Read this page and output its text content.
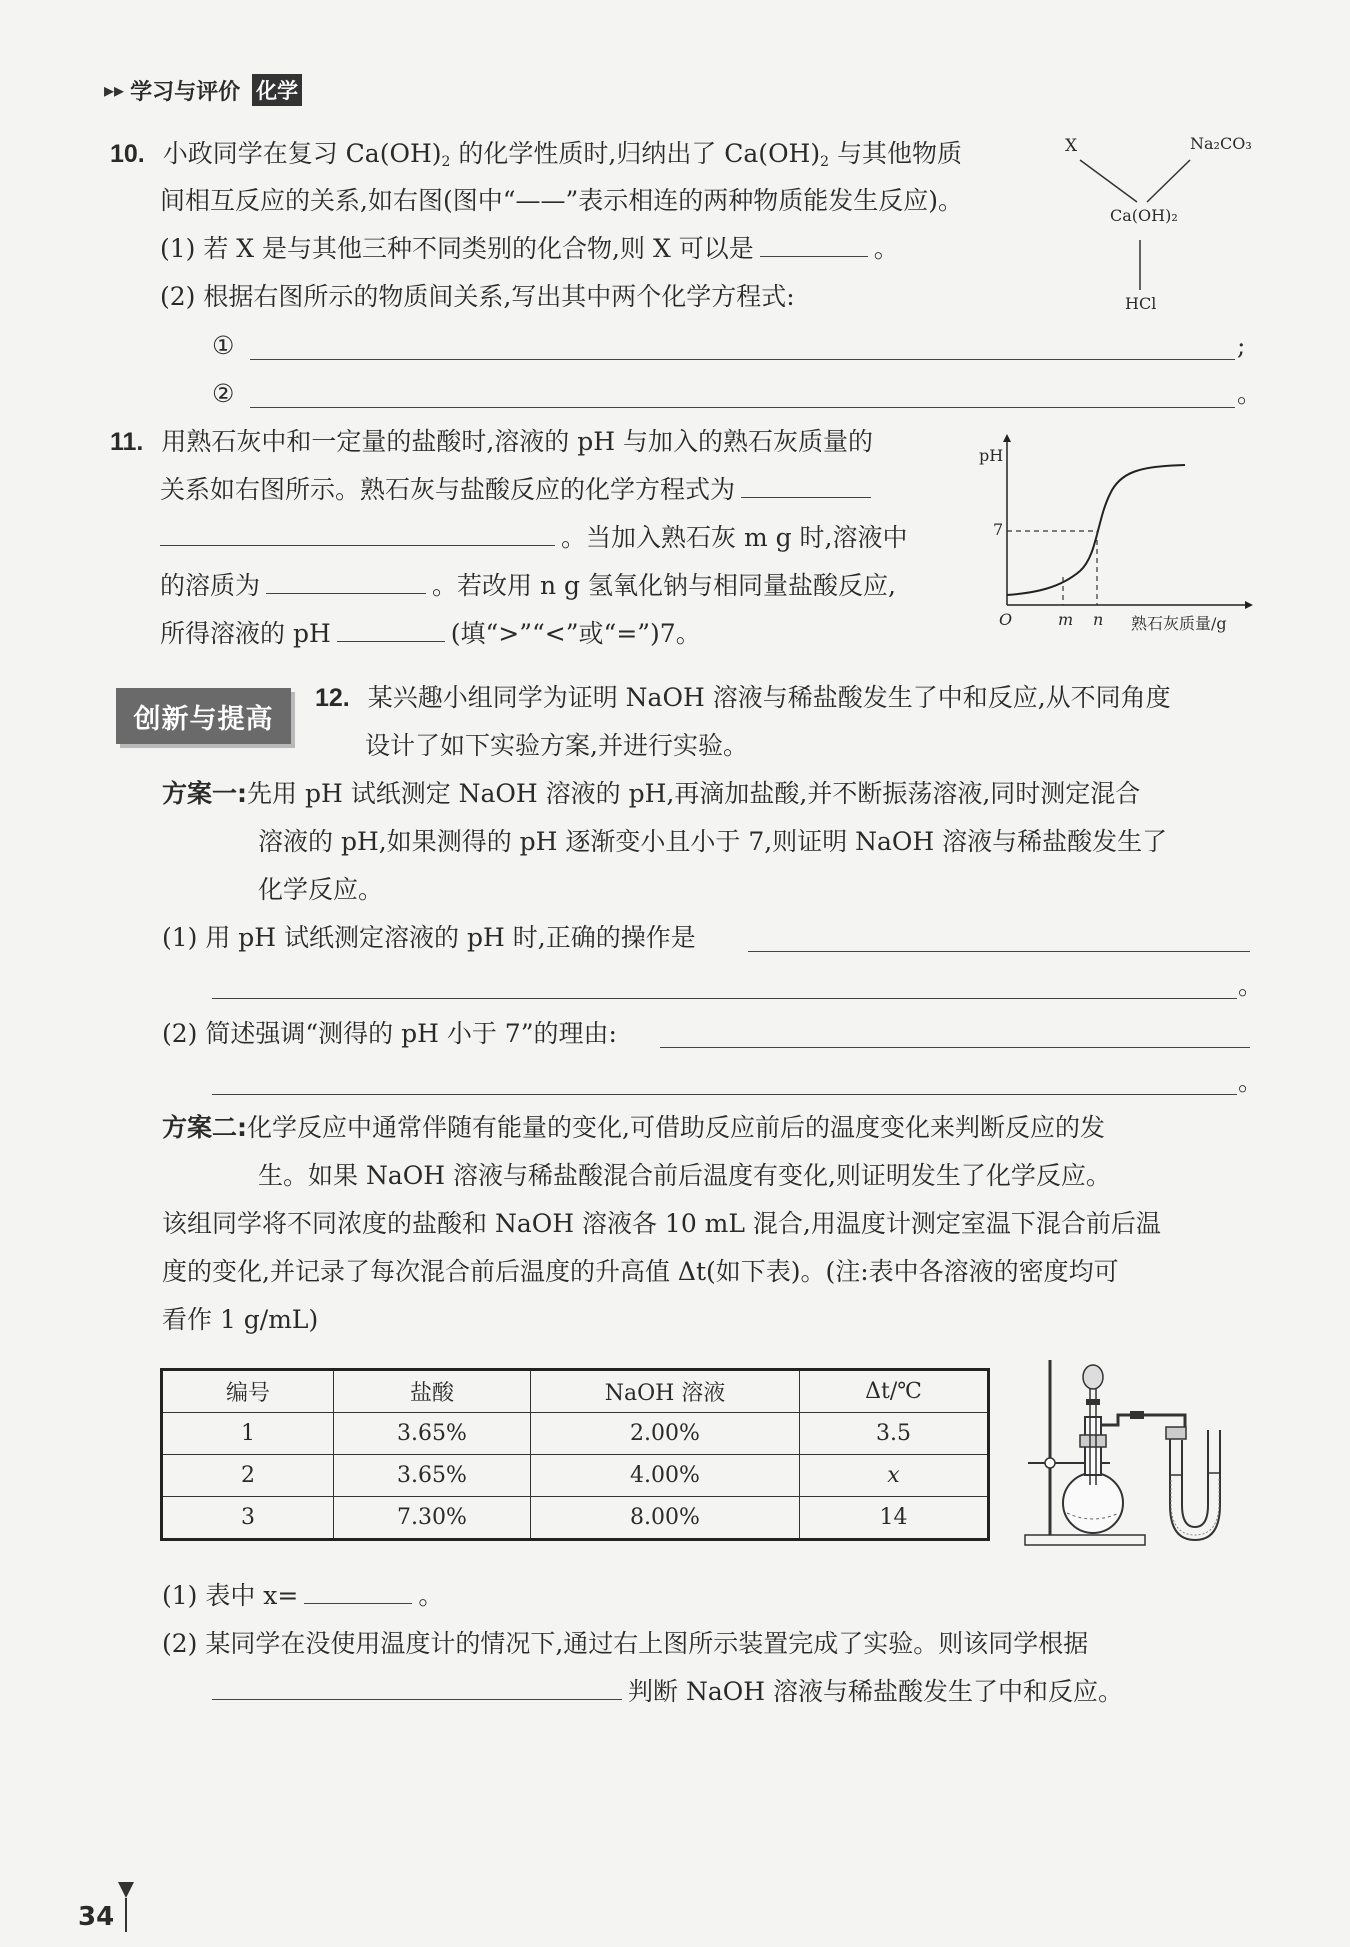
▸▸ 学习与评价 化学
10. 小政同学在复习 $Ca(OH)_2$ 的化学性质时,归纳出了 $Ca(OH)_2$ 与其他物质
间相互反应的关系,如右图(图中“——”表示相连的两种物质能发生反应)。
(1) 若 X 是与其他三种不同类别的化合物,则 X 可以是	。
(2) 根据右图所示的物质间关系,写出其中两个化学方程式:
①	;
②	。
X	Na₂CO₃
Ca(OH)₂
HCl
11. 用熟石灰中和一定量的盐酸时,溶液的 pH 与加入的熟石灰质量的
关系如右图所示。熟石灰与盐酸反应的化学方程式为
。当加入熟石灰 m g 时,溶液中
的溶质为	。若改用 n g 氢氧化钠与相同量盐酸反应,
所得溶液的 pH	(填“>”“<”或“=”)7。
pH
7
O	m n 熟石灰质量/g
创新与提高
12. 某兴趣小组同学为证明 NaOH 溶液与稀盐酸发生了中和反应,从不同角度
设计了如下实验方案,并进行实验。
方案一:先用 pH 试纸测定 NaOH 溶液的 pH,再滴加盐酸,并不断振荡溶液,同时测定混合
溶液的 pH,如果测得的 pH 逐渐变小且小于 7,则证明 NaOH 溶液与稀盐酸发生了
化学反应。
(1) 用 pH 试纸测定溶液的 pH 时,正确的操作是
。
(2) 简述强调“测得的 pH 小于 7”的理由:
。
方案二:化学反应中通常伴随有能量的变化,可借助反应前后的温度变化来判断反应的发
生。如果 NaOH 溶液与稀盐酸混合前后温度有变化,则证明发生了化学反应。
该组同学将不同浓度的盐酸和 NaOH 溶液各 10 mL 混合,用温度计测定室温下混合前后温
度的变化,并记录了每次混合前后温度的升高值 Δt(如下表)。(注:表中各溶液的密度均可
看作 1 g/mL)
编号	盐酸	NaOH 溶液	Δt/℃
1	3.65%	2.00%	3.5
2	3.65%	4.00%	x
3	7.30%	8.00%	14
(1) 表中 x=	。
(2) 某同学在没使用温度计的情况下,通过右上图所示装置完成了实验。则该同学根据
判断 NaOH 溶液与稀盐酸发生了中和反应。
34
